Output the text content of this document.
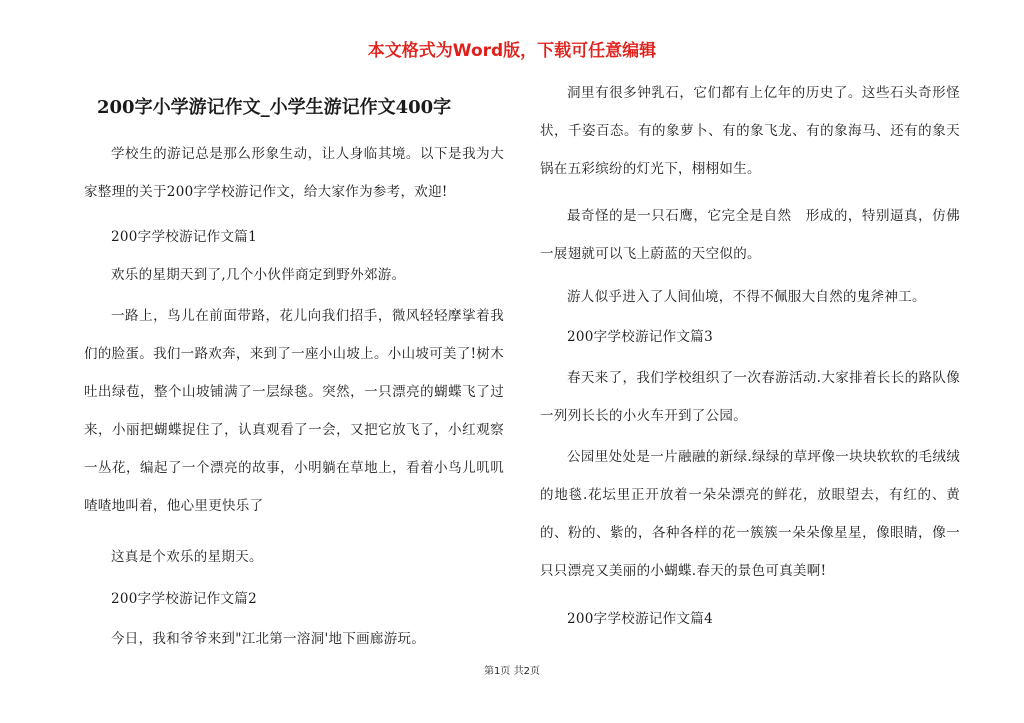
本文格式为Word版，下载可任意编辑
200字小学游记作文_小学生游记作文400字
学校生的游记总是那么形象生动，让人身临其境。以下是我为大家整理的关于200字学校游记作文，给大家作为参考，欢迎!
200字学校游记作文篇1
欢乐的星期天到了,几个小伙伴商定到野外郊游。
一路上，鸟儿在前面带路，花儿向我们招手，微风轻轻摩挲着我们的脸蛋。我们一路欢奔，来到了一座小山坡上。小山坡可美了!树木吐出绿苞，整个山坡铺满了一层绿毯。突然，一只漂亮的蝴蝶飞了过来，小丽把蝴蝶捉住了，认真观看了一会，又把它放飞了，小红观察一丛花，编起了一个漂亮的故事，小明躺在草地上，看着小鸟儿叽叽喳喳地叫着，他心里更快乐了
这真是个欢乐的星期天。
200字学校游记作文篇2
今日，我和爷爷来到"江北第一溶洞'地下画廊游玩。
洞里有很多钟乳石，它们都有上亿年的历史了。这些石头奇形怪状，千姿百态。有的象萝卜、有的象飞龙、有的象海马、还有的象天锅在五彩缤纷的灯光下，栩栩如生。
最奇怪的是一只石鹰，它完全是自然　形成的，特别逼真，仿佛一展翅就可以飞上蔚蓝的天空似的。
游人似乎进入了人间仙境，不得不佩服大自然的鬼斧神工。
200字学校游记作文篇3
春天来了，我们学校组织了一次春游活动.大家排着长长的路队像一列列长长的小火车开到了公园。
公园里处处是一片融融的新绿.绿绿的草坪像一块块软软的毛绒绒的地毯.花坛里正开放着一朵朵漂亮的鲜花，放眼望去，有红的、黄的、粉的、紫的，各种各样的花一簇簇一朵朵像星星，像眼睛，像一只只漂亮又美丽的小蝴蝶.春天的景色可真美啊!
200字学校游记作文篇4
第1页 共2页
